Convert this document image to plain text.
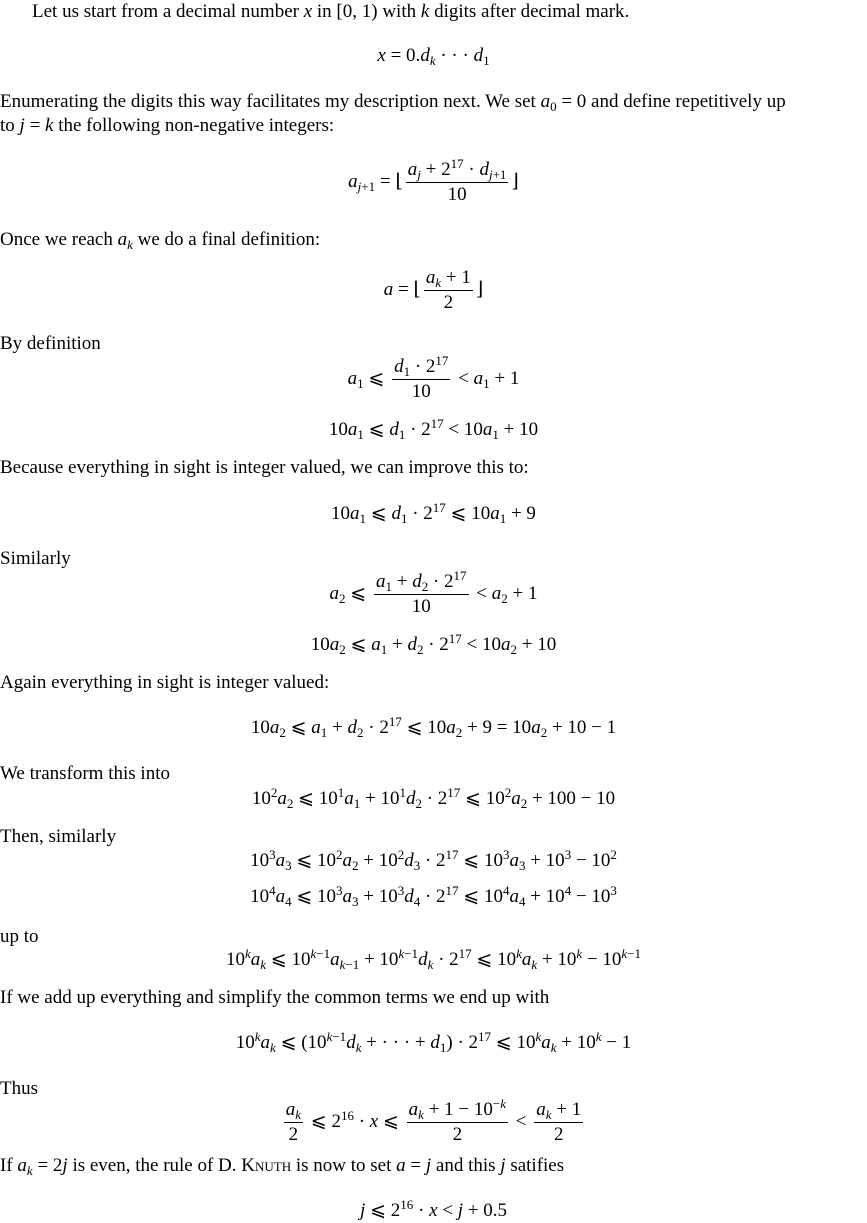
Let us start from a decimal number x in [0, 1) with k digits after decimal mark.
$x = 0.d_k$ · · · $d_1$
Enumerating the digits this way facilitates my description next. We set $a_0 = 0$ and define repetitively up
to j = k the following non-negative integers:
$a_{j+1}$ = ⌊ $\frac{a_j + 2^{17} \cdot d_{j+1}}{10}$ ⌋
Once we reach $a_k$ we do a final definition:
a = ⌊ $\frac{a_k + 1}{2}$ ⌋
By definition
$a_1$ ⩽ $\frac{d_1 \cdot 2^{17}}{10} < a_1 + 1$
$10a_1$ ⩽ $d_1 \cdot 2^{17} < 10a_1 + 10$
Because everything in sight is integer valued, we can improve this to:
$10a_1$ ⩽ $d_1 \cdot 2^{17}$ ⩽ $10a_1 + 9$
Similarly
$a_2$ ⩽ $\frac{a_1 + d_2 \cdot 2^{17}}{10} < a_2 + 1$
$10a_2$ ⩽ $a_1 + d_2 \cdot 2^{17} < 10a_2 + 10$
Again everything in sight is integer valued:
$10a_2$ ⩽ $a_1 + d_2 \cdot 2^{17}$ ⩽ $10a_2 + 9 = 10a_2 + 10 - 1$
We transform this into
$10^2a_2$ ⩽ $10^1a_1 + 10^1d_2 \cdot 2^{17}$ ⩽ $10^2a_2 + 100 - 10$
Then, similarly
$10^3a_3$ ⩽ $10^2a_2 + 10^2d_3 \cdot 2^{17}$ ⩽ $10^3a_3 + 10^3 - 10^2$
$10^4a_4$ ⩽ $10^3a_3 + 10^3d_4 \cdot 2^{17}$ ⩽ $10^4a_4 + 10^4 - 10^3$
up to
$10^ka_k$ ⩽ $10^{k-1}a_{k-1} + 10^{k-1}d_k \cdot 2^{17}$ ⩽ $10^ka_k + 10^k - 10^{k-1}$
If we add up everything and simplify the common terms we end up with
$10^ka_k$ ⩽ ($10^{k-1}d_k$ + · · · + $d_1) \cdot 2^{17}$ ⩽ $10^ka_k + 10^k - 1$
Thus
$\frac{a_k}{2}$ ⩽ $2^{16} \cdot x$ ⩽ $\frac{a_k + 1 - 10^{-k}}{2} < \frac{a_k + 1}{2}$
If $a_k = 2j$ is even, the rule of D. Knuth is now to set a = j and this j satifies
j ⩽ $2^{16} \cdot x < j + 0.5$
